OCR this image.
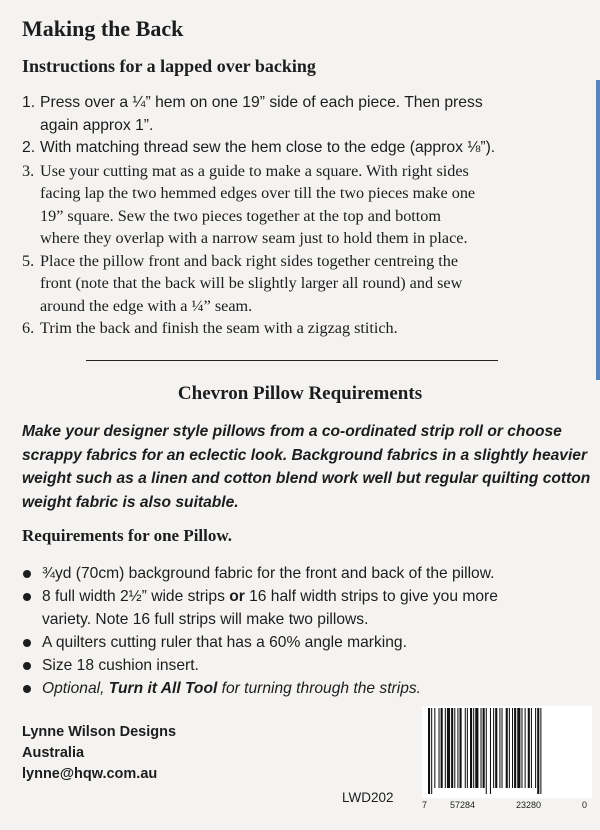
Making the Back
Instructions for a lapped over backing
1. Press over a ¼” hem on one 19” side of each piece. Then press
again approx 1”.
2. With matching thread sew the hem close to the edge (approx ⅛”).
3. Use your cutting mat as a guide to make a square. With right sides
facing lap the two hemmed edges over till the two pieces make one
19” square. Sew the two pieces together at the top and bottom
where they overlap with a narrow seam just to hold them in place.
5. Place the pillow front and back right sides together centreing the
front (note that the back will be slightly larger all round) and sew
around the edge with a ¼” seam.
6. Trim the back and finish the seam with a zigzag stitich.
Chevron Pillow Requirements

Make your designer style pillows from a co-ordinated strip roll or choose scrappy fabrics for an eclectic look. Background fabrics in a slightly heavier weight such as a linen and cotton blend work well but regular quilting cotton weight fabric is also suitable.

Requirements for one Pillow.
¾yd (70cm) background fabric for the front and back of the pillow.
8 full width 2½” wide strips or 16 half width strips to give you more
variety. Note 16 full strips will make two pillows.
A quilters cutting ruler that has a 60% angle marking.
Size 18 cushion insert.
Optional, Turn it All Tool for turning through the strips.
Lynne Wilson Designs
Australia
lynne@hqw.com.au
LWD202	7	57284	23280	0
